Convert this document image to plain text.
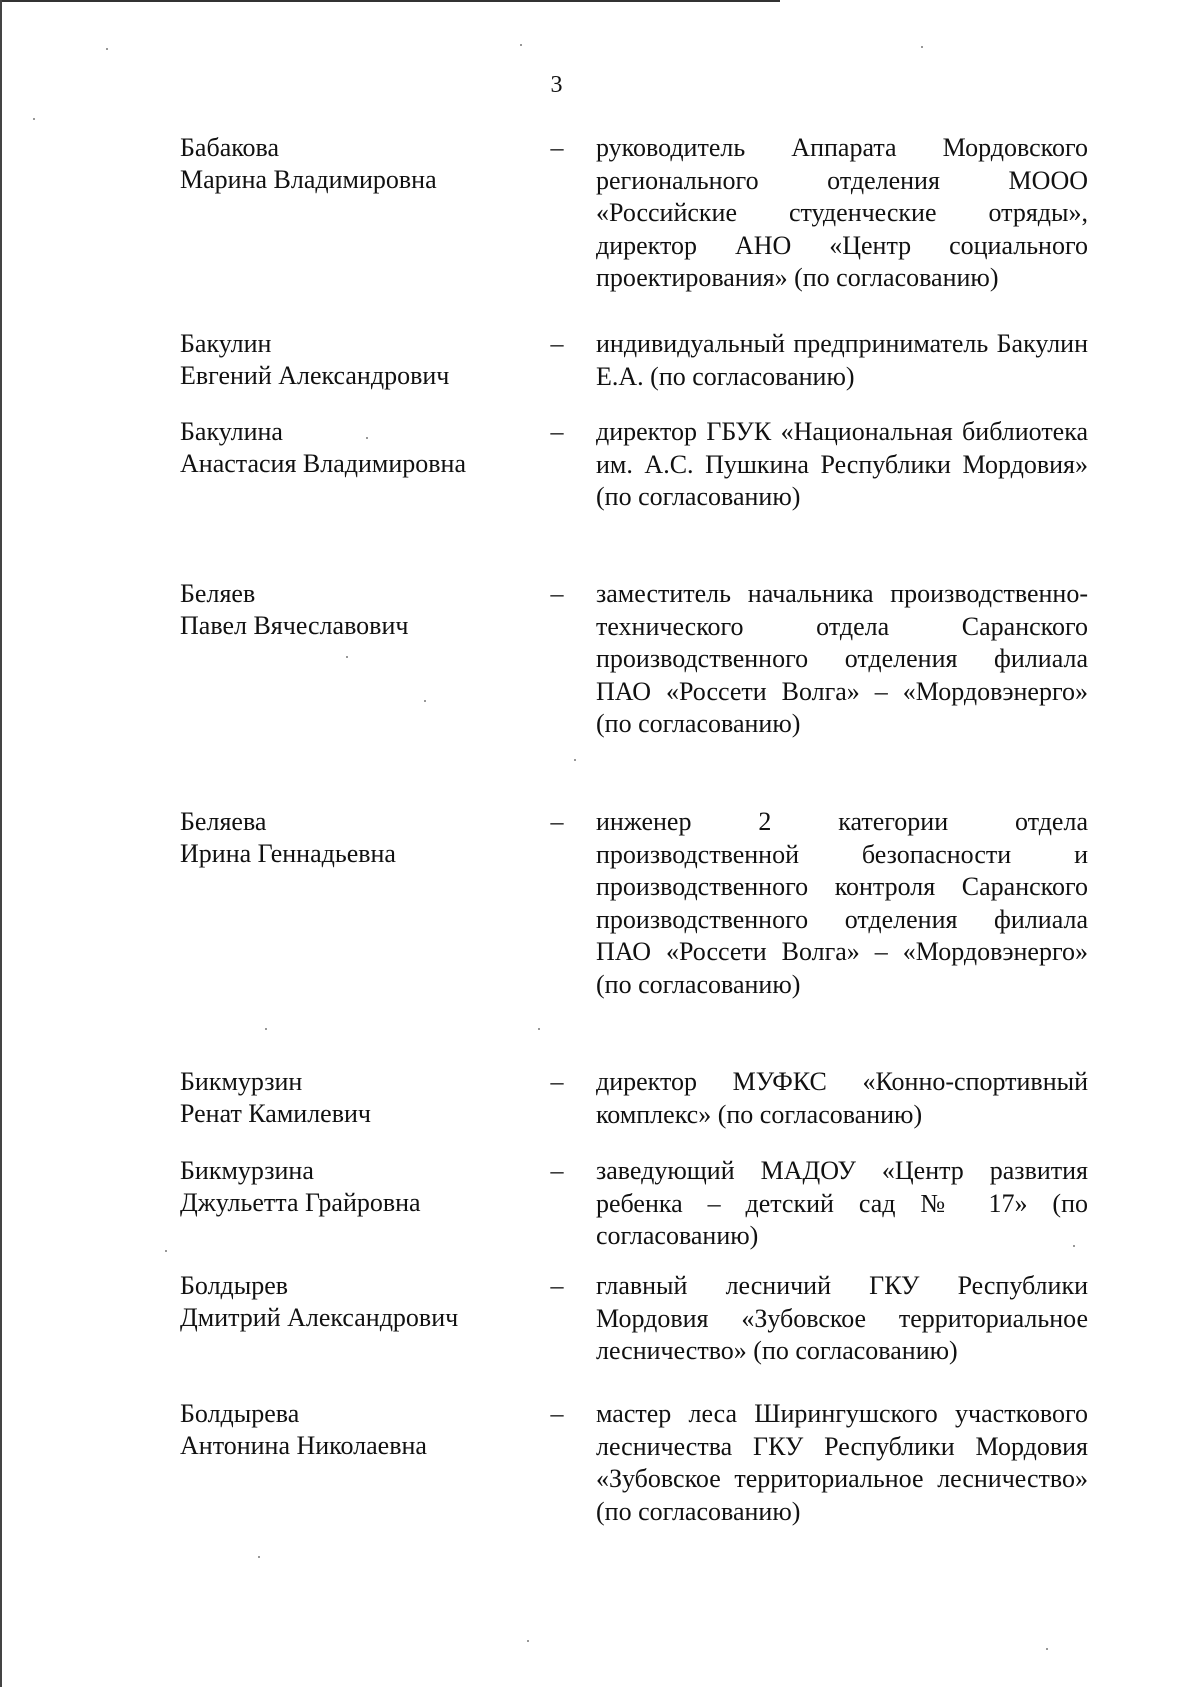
3
Бабакова
Марина Владимировна
– руководитель Аппарата Мордовского регионального отделения МООО «Российские студенческие отряды», директор АНО «Центр социального проектирования» (по согласованию)
Бакулин
Евгений Александрович
– индивидуальный предприниматель Бакулин Е.А. (по согласованию)
Бакулина
Анастасия Владимировна
– директор ГБУК «Национальная библиотека им. А.С. Пушкина Республики Мордовия» (по согласованию)
Беляев
Павел Вячеславович
– заместитель начальника производственно-технического отдела Саранского производственного отделения филиала ПАО «Россети Волга» – «Мордовэнерго» (по согласованию)
Беляева
Ирина Геннадьевна
– инженер 2 категории отдела производственной безопасности и производственного контроля Саранского производственного отделения филиала ПАО «Россети Волга» – «Мордовэнерго» (по согласованию)
Бикмурзин
Ренат Камилевич
– директор МУФКС «Конно-спортивный комплекс» (по согласованию)
Бикмурзина
Джульетта Грайровна
– заведующий МАДОУ «Центр развития ребенка – детский сад № 17» (по согласованию)
Болдырев
Дмитрий Александрович
– главный лесничий ГКУ Республики Мордовия «Зубовское территориальное лесничество» (по согласованию)
Болдырева
Антонина Николаевна
– мастер леса Ширингушского участкового лесничества ГКУ Республики Мордовия «Зубовское территориальное лесничество» (по согласованию)
